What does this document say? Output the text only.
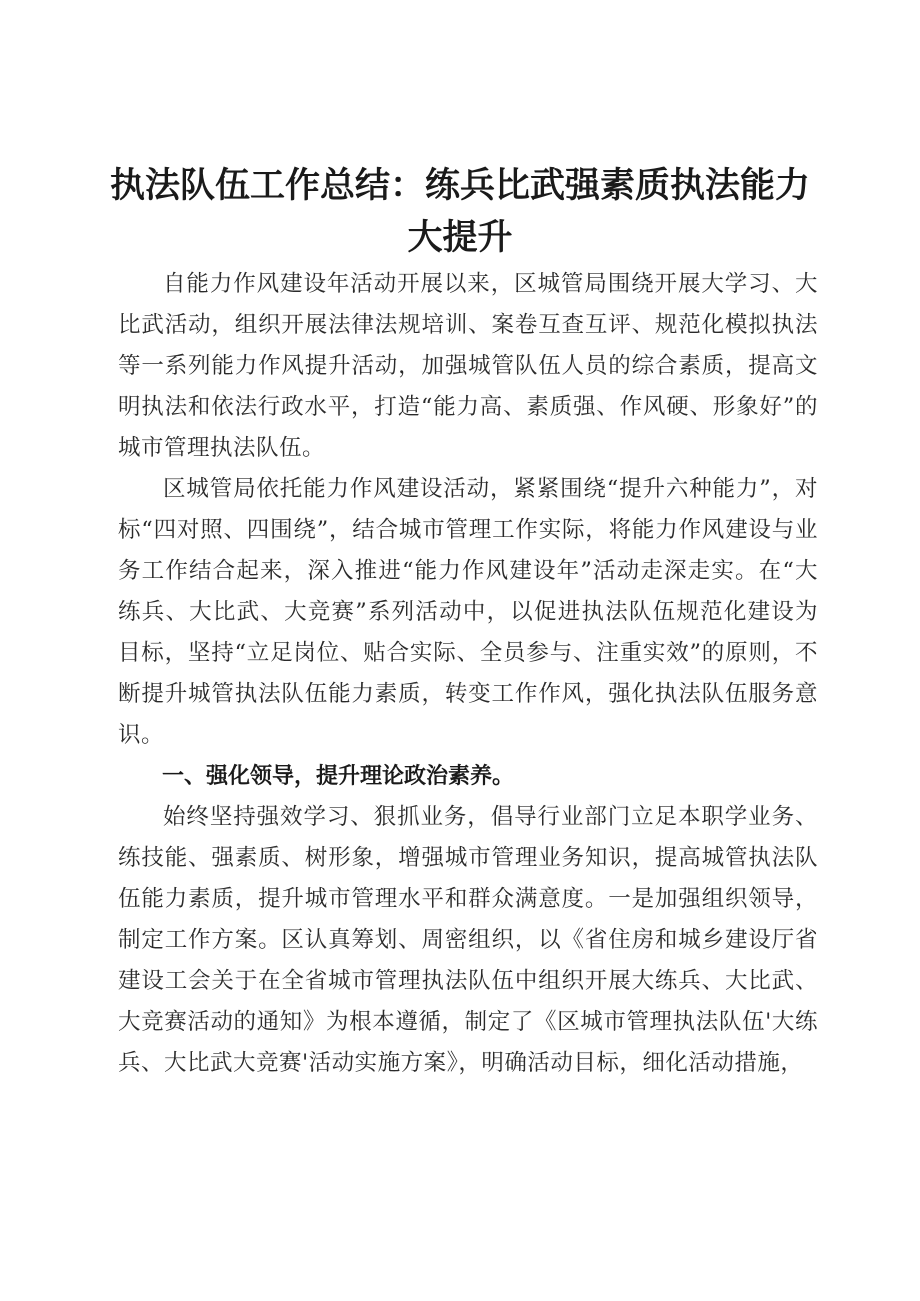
执法队伍工作总结：练兵比武强素质执法能力大提升

自能力作风建设年活动开展以来，区城管局围绕开展大学习、大比武活动，组织开展法律法规培训、案卷互查互评、规范化模拟执法等一系列能力作风提升活动，加强城管队伍人员的综合素质，提高文明执法和依法行政水平，打造“能力高、素质强、作风硬、形象好”的城市管理执法队伍。

区城管局依托能力作风建设活动，紧紧围绕“提升六种能力”，对标“四对照、四围绕”，结合城市管理工作实际，将能力作风建设与业务工作结合起来，深入推进“能力作风建设年”活动走深走实。在“大练兵、大比武、大竞赛”系列活动中，以促进执法队伍规范化建设为目标，坚持“立足岗位、贴合实际、全员参与、注重实效”的原则，不断提升城管执法队伍能力素质，转变工作作风，强化执法队伍服务意识。

一、强化领导，提升理论政治素养。

始终坚持强效学习、狠抓业务，倡导行业部门立足本职学业务、练技能、强素质、树形象，增强城市管理业务知识，提高城管执法队伍能力素质，提升城市管理水平和群众满意度。一是加强组织领导，制定工作方案。区认真筹划、周密组织，以《省住房和城乡建设厅省建设工会关于在全省城市管理执法队伍中组织开展大练兵、大比武、大竞赛活动的通知》为根本遵循，制定了《区城市管理执法队伍'大练兵、大比武大竞赛'活动实施方案》，明确活动目标，细化活动措施，
